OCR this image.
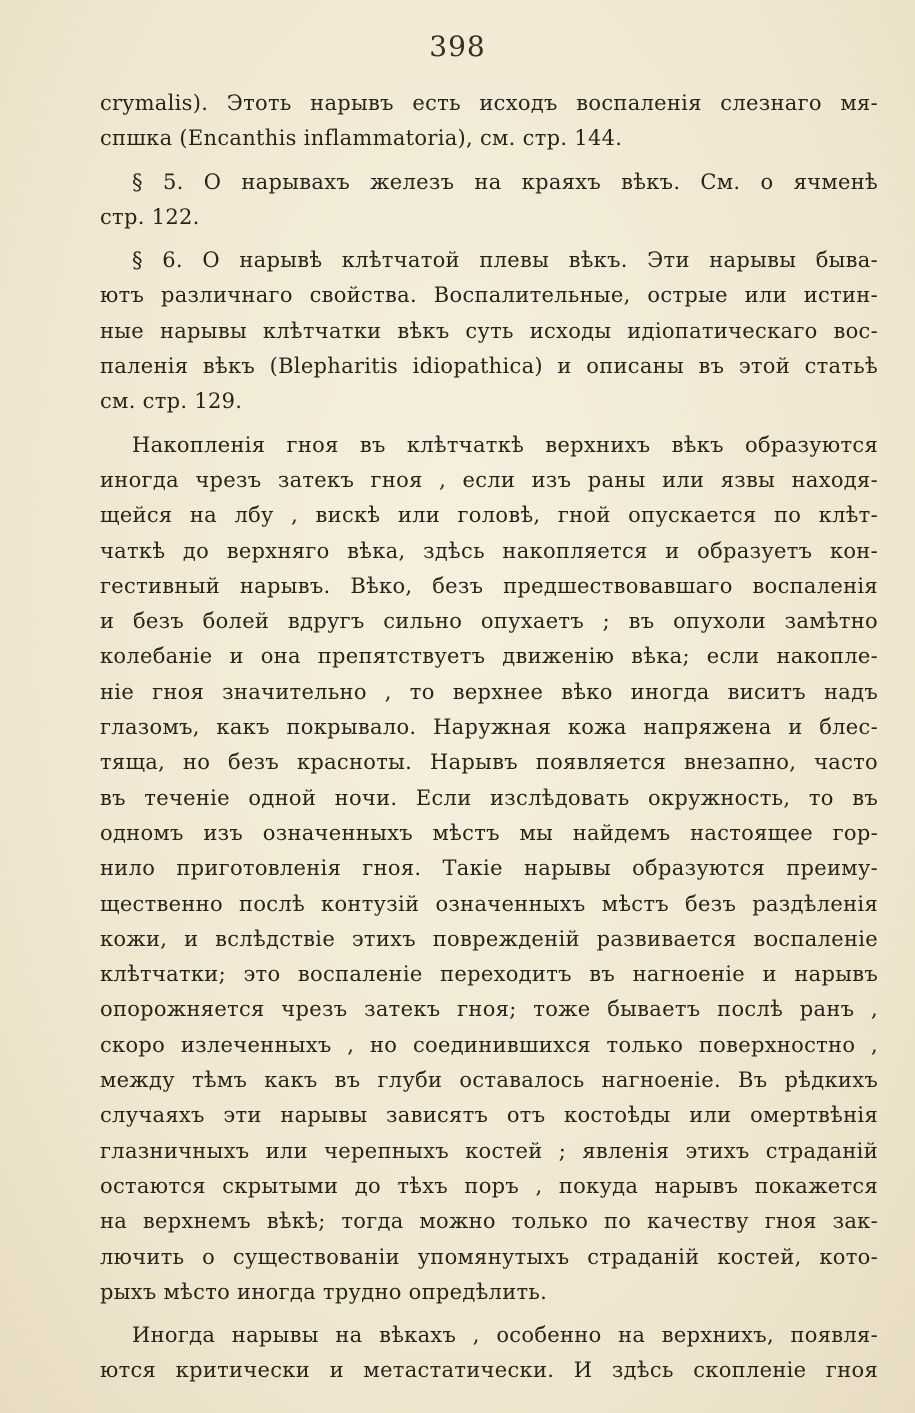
398
crymalis). Этоть нарывъ есть исходъ воспаленія слезнаго мя-
спшка (Encanthis inflammatoria), см. стр. 144.
§ 5. О нарывахъ железъ на краяхъ вѣкъ. См. о ячменѣ
стр. 122.
§ 6. О нарывѣ клѣтчатой плевы вѣкъ. Эти нарывы быва-
ютъ различнаго свойства. Воспалительные, острые или истин-
ные нарывы клѣтчатки вѣкъ суть исходы идіопатическаго вос-
паленія вѣкъ (Blepharitis idiopathica) и описаны въ этой статьѣ
см. стр. 129.
Накопленія гноя въ клѣтчаткѣ верхнихъ вѣкъ образуются
иногда чрезъ затекъ гноя , если изъ раны или язвы находя-
щейся на лбу , вискѣ или головѣ, гной опускается по клѣт-
чаткѣ до верхняго вѣка, здѣсь накопляется и образуетъ кон-
гестивный нарывъ. Вѣко, безъ предшествовавшаго воспаленія
и безъ болей вдругъ сильно опухаетъ ; въ опухоли замѣтно
колебаніе и она препятствуетъ движенію вѣка; если накопле-
ніе гноя значительно , то верхнее вѣко иногда виситъ надъ
глазомъ, какъ покрывало. Наружная кожа напряжена и блес-
тяща, но безъ красноты. Нарывъ появляется внезапно, часто
въ теченіе одной ночи. Если изслѣдовать окружность, то въ
одномъ изъ означенныхъ мѣстъ мы найдемъ настоящее гор-
нило приготовленія гноя. Такіе нарывы образуются преиму-
щественно послѣ контузій означенныхъ мѣстъ безъ раздѣленія
кожи, и вслѣдствіе этихъ поврежденій развивается воспаленіе
клѣтчатки; это воспаленіе переходитъ въ нагноеніе и нарывъ
опорожняется чрезъ затекъ гноя; тоже бываетъ послѣ ранъ ,
скоро излеченныхъ , но соединившихся только поверхностно ,
между тѣмъ какъ въ глуби оставалось нагноеніе. Въ рѣдкихъ
случаяхъ эти нарывы зависятъ отъ костоѣды или омертвѣнія
глазничныхъ или черепныхъ костей ; явленія этихъ страданій
остаются скрытыми до тѣхъ поръ , покуда нарывъ покажется
на верхнемъ вѣкѣ; тогда можно только по качеству гноя зак-
лючить о существованіи упомянутыхъ страданій костей, кото-
рыхъ мѣсто иногда трудно опредѣлить.
Иногда нарывы на вѣкахъ , особенно на верхнихъ, появля-
ются критически и метастатически. И здѣсь скопленіе гноя
